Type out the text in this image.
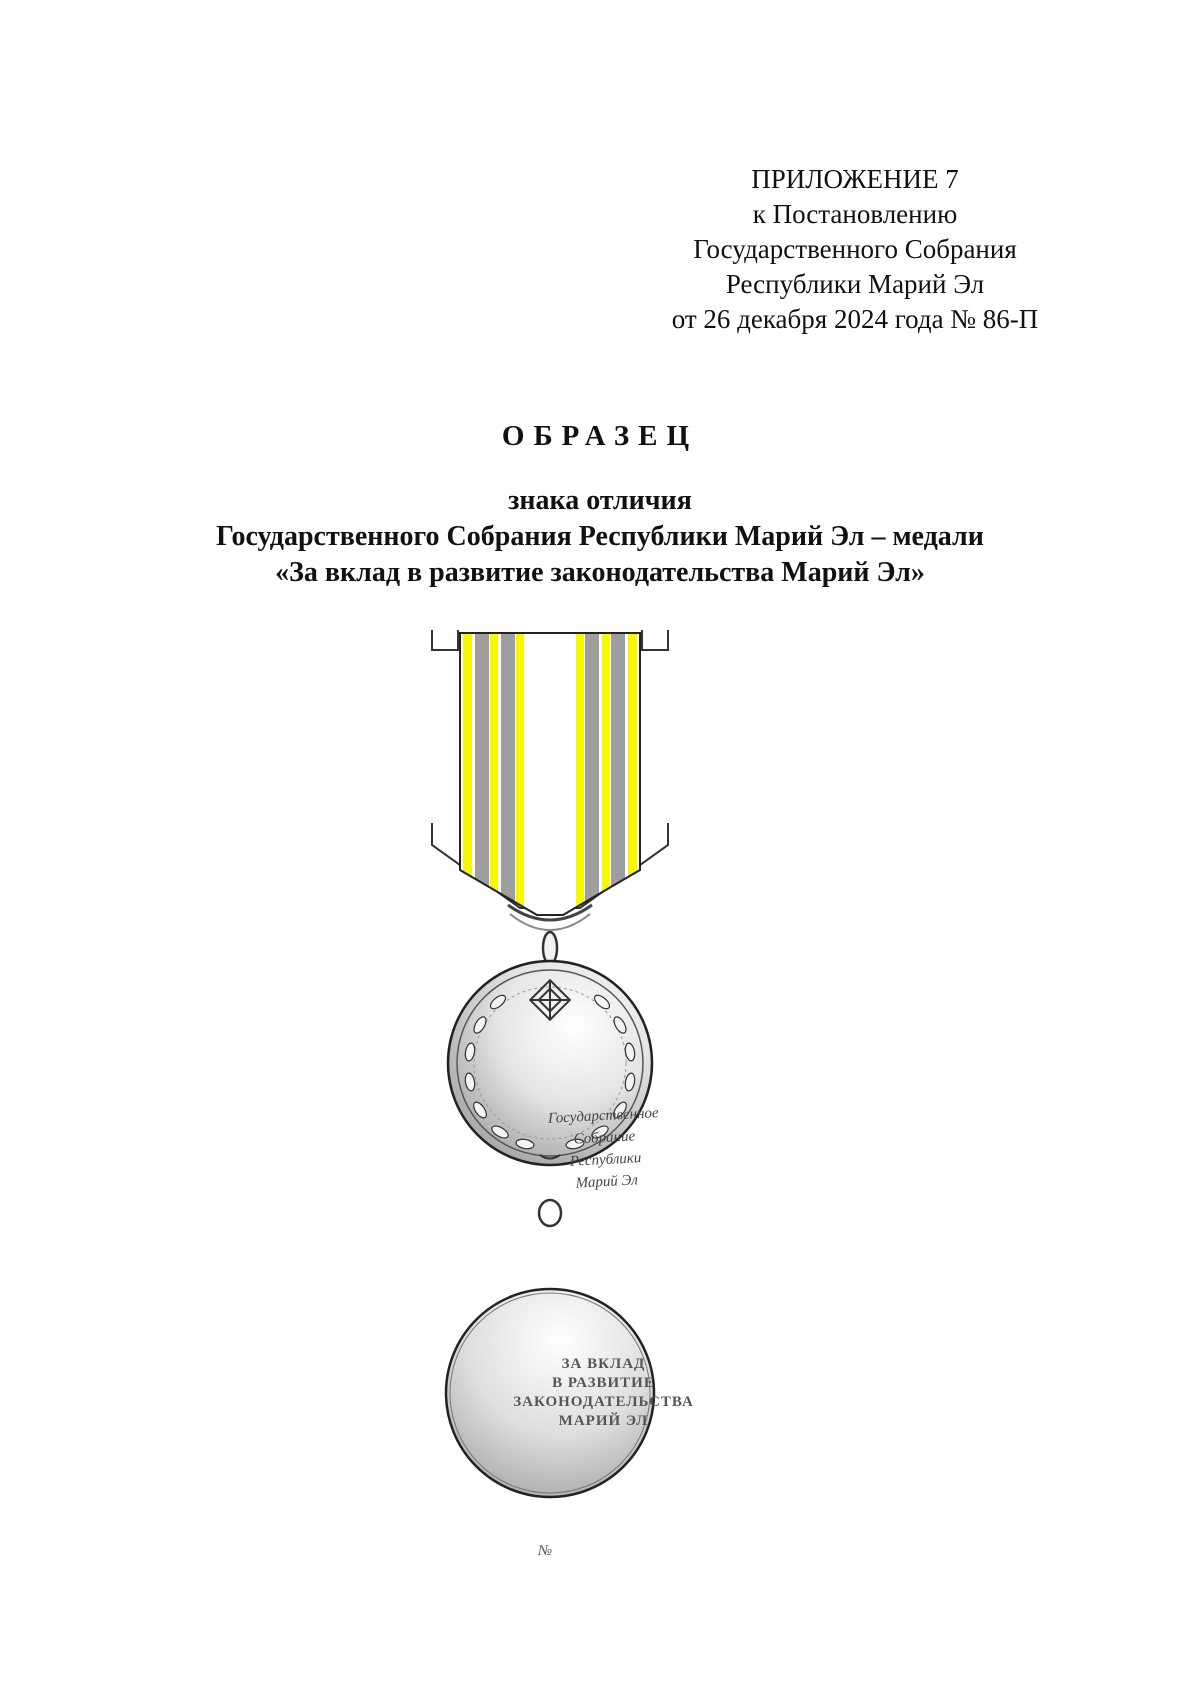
ПРИЛОЖЕНИЕ 7
к Постановлению
Государственного Собрания
Республики Марий Эл
от 26 декабря 2024 года № 86-П
ОБРАЗЕЦ
знака отличия
Государственного Собрания Республики Марий Эл – медали
«За вклад в развитие законодательства Марий Эл»
Государственное
Собрание
Республики
Марий Эл
ЗА ВКЛАД
В РАЗВИТИЕ
ЗАКОНОДАТЕЛЬСТВА
МАРИЙ ЭЛ
№
